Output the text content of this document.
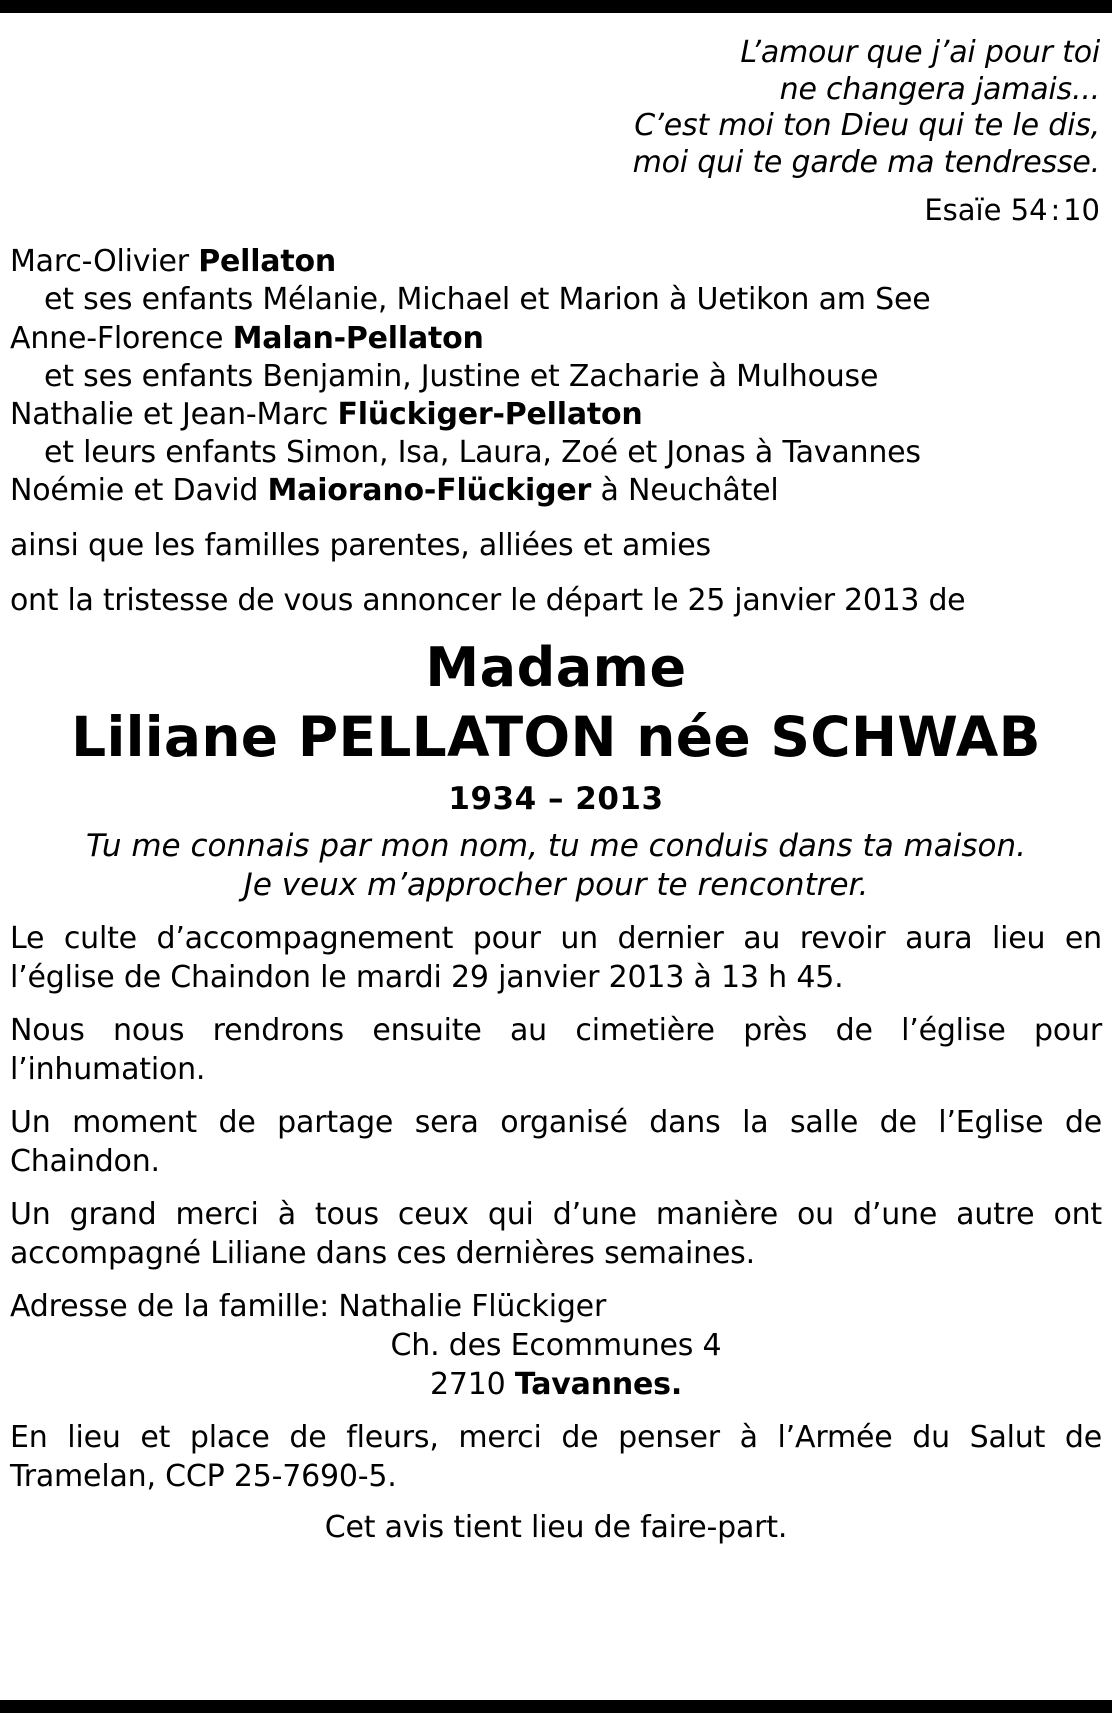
L’amour que j’ai pour toi
ne changera jamais...
C’est moi ton Dieu qui te le dis,
moi qui te garde ma tendresse.
Esaïe 54 : 10
Marc-Olivier Pellaton
et ses enfants Mélanie, Michael et Marion à Uetikon am See
Anne-Florence Malan-Pellaton
et ses enfants Benjamin, Justine et Zacharie à Mulhouse
Nathalie et Jean-Marc Flückiger-Pellaton
et leurs enfants Simon, Isa, Laura, Zoé et Jonas à Tavannes
Noémie et David Maiorano-Flückiger à Neuchâtel
ainsi que les familles parentes, alliées et amies
ont la tristesse de vous annoncer le départ le 25 janvier 2013 de
Madame
Liliane PELLATON née SCHWAB
1934 – 2013
Tu me connais par mon nom, tu me conduis dans ta maison.
Je veux m’approcher pour te rencontrer.
Le culte d’accompagnement pour un dernier au revoir aura lieu en l’église de Chaindon le mardi 29 janvier 2013 à 13 h 45.
Nous nous rendrons ensuite au cimetière près de l’église pour l’inhumation.
Un moment de partage sera organisé dans la salle de l’Eglise de Chaindon.
Un grand merci à tous ceux qui d’une manière ou d’une autre ont accompagné Liliane dans ces dernières semaines.
Adresse de la famille: Nathalie Flückiger
Ch. des Ecommunes 4
2710 Tavannes.
En lieu et place de fleurs, merci de penser à l’Armée du Salut de Tramelan, CCP 25-7690-5.
Cet avis tient lieu de faire-part.
